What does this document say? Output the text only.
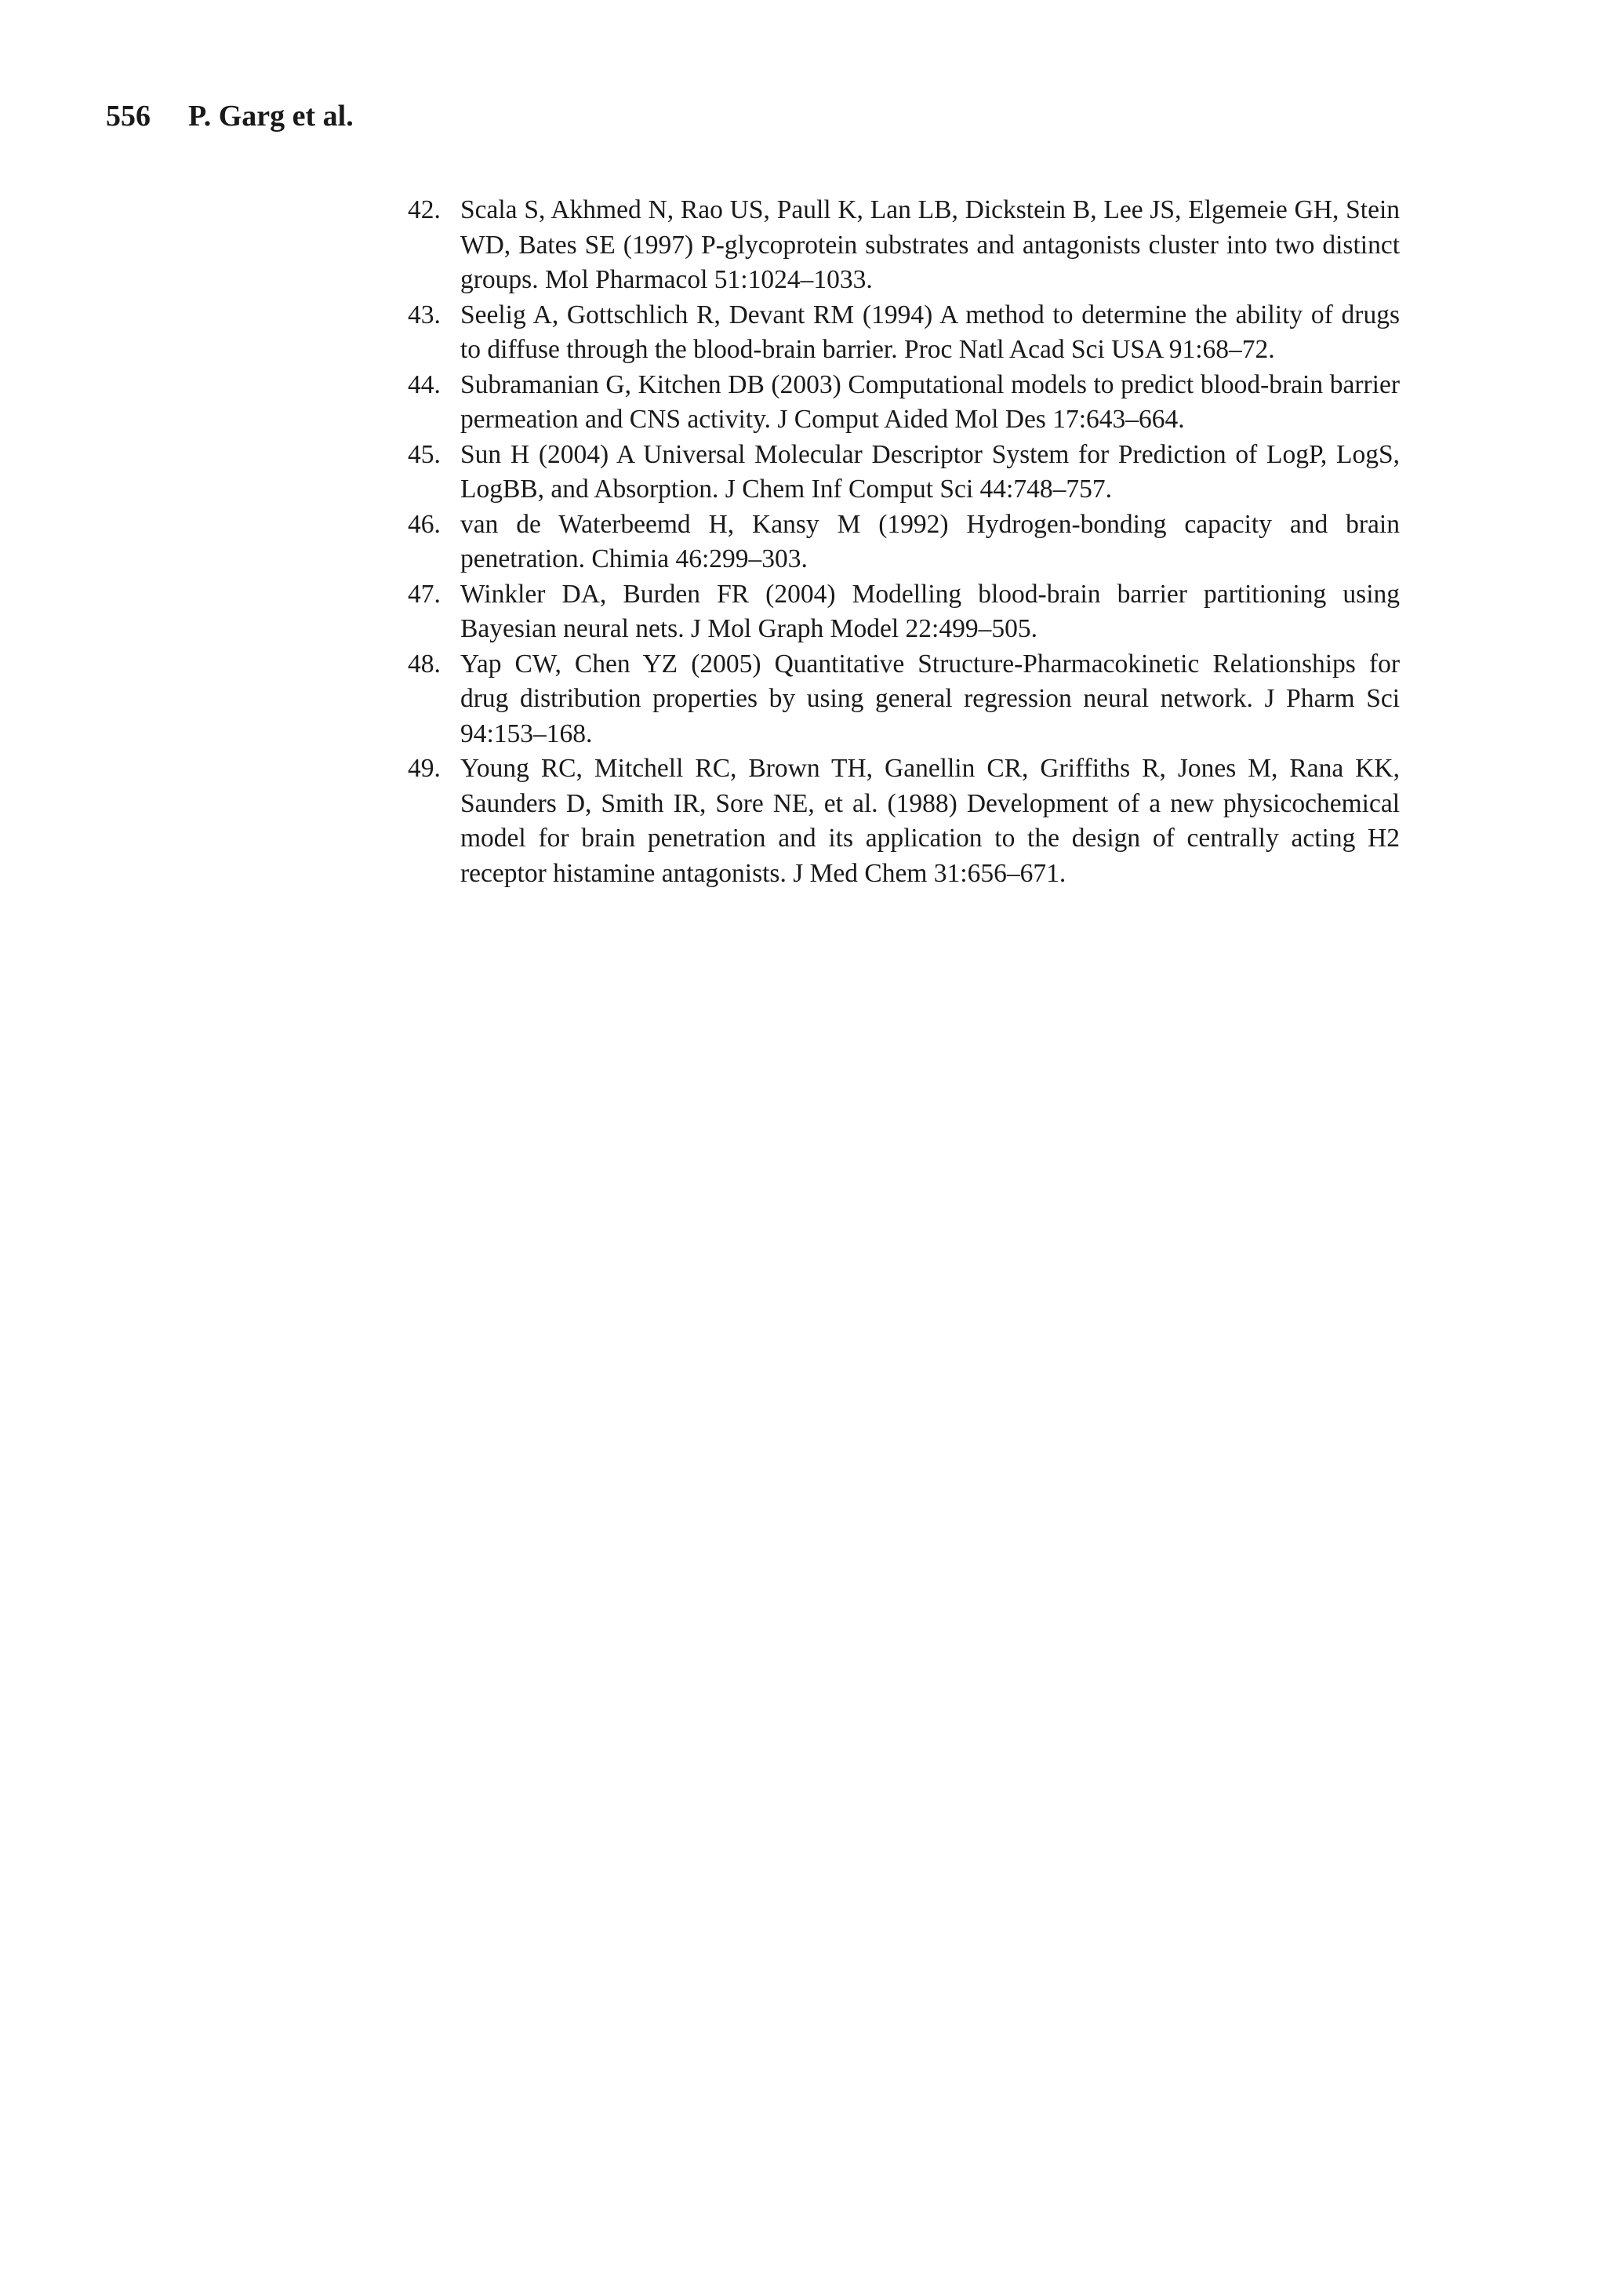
556 P. Garg et al.
42. Scala S, Akhmed N, Rao US, Paull K, Lan LB, Dickstein B, Lee JS, Elgemeie GH, Stein WD, Bates SE (1997) P-glycoprotein substrates and antagonists cluster into two distinct groups. Mol Pharmacol 51:1024–1033.
43. Seelig A, Gottschlich R, Devant RM (1994) A method to determine the ability of drugs to diffuse through the blood-brain barrier. Proc Natl Acad Sci USA 91:68–72.
44. Subramanian G, Kitchen DB (2003) Computational models to predict blood-brain barrier permeation and CNS activity. J Comput Aided Mol Des 17:643–664.
45. Sun H (2004) A Universal Molecular Descriptor System for Prediction of LogP, LogS, LogBB, and Absorption. J Chem Inf Comput Sci 44:748–757.
46. van de Waterbeemd H, Kansy M (1992) Hydrogen-bonding capacity and brain penetration. Chimia 46:299–303.
47. Winkler DA, Burden FR (2004) Modelling blood-brain barrier partitioning using Bayesian neural nets. J Mol Graph Model 22:499–505.
48. Yap CW, Chen YZ (2005) Quantitative Structure-Pharmacokinetic Relationships for drug distribution properties by using general regression neural network. J Pharm Sci 94:153–168.
49. Young RC, Mitchell RC, Brown TH, Ganellin CR, Griffiths R, Jones M, Rana KK, Saunders D, Smith IR, Sore NE, et al. (1988) Development of a new physicochemical model for brain penetration and its application to the design of centrally acting H2 receptor histamine antagonists. J Med Chem 31:656–671.
